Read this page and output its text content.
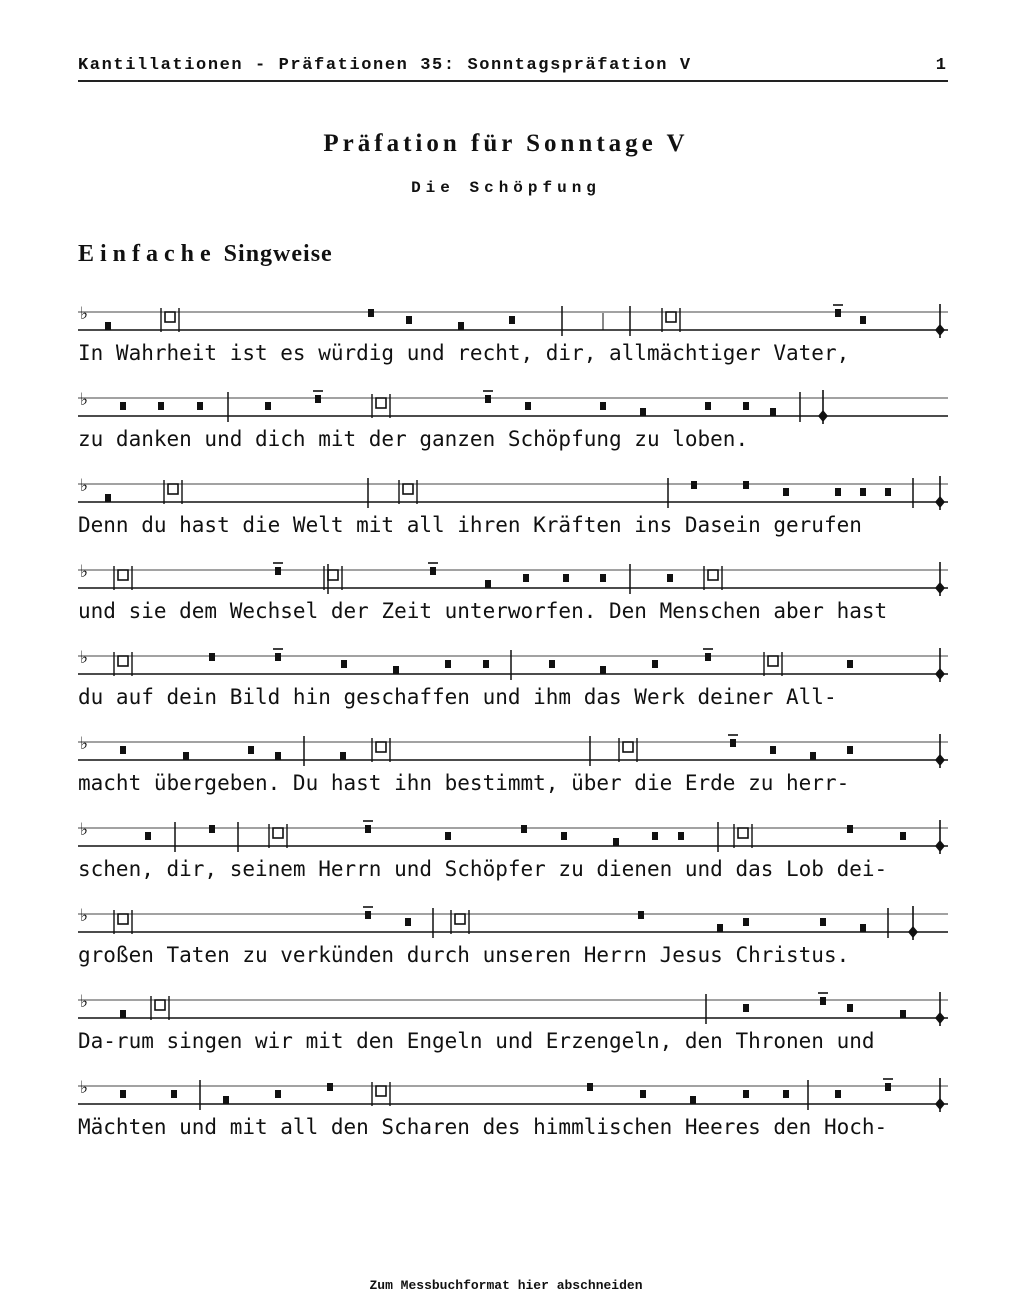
Kantillationen - Präfationen 35: Sonntagspräfation V	1
Präfation für Sonntage V
Die Schöpfung
Einfache Singweise
♭
In Wahrheit ist es würdig und recht, dir, allmächtiger Vater,
♭
zu danken und dich mit der ganzen Schöpfung zu loben.
♭
Denn du hast die Welt mit all ihren Kräften ins Dasein gerufen
♭
und sie dem Wechsel der Zeit unterworfen. Den Menschen aber hast
♭
du auf dein Bild hin geschaffen und ihm das Werk deiner All-
♭
macht übergeben. Du hast ihn bestimmt, über die Erde zu herr-
♭
schen, dir, seinem Herrn und Schöpfer zu dienen und das Lob dei-
♭
großen Taten zu verkünden durch unseren Herrn Jesus Christus.
♭
Da-rum singen wir mit den Engeln und Erzengeln, den Thronen und
♭
Mächten und mit all den Scharen des himmlischen Heeres den Hoch-
Zum Messbuchformat hier abschneiden
